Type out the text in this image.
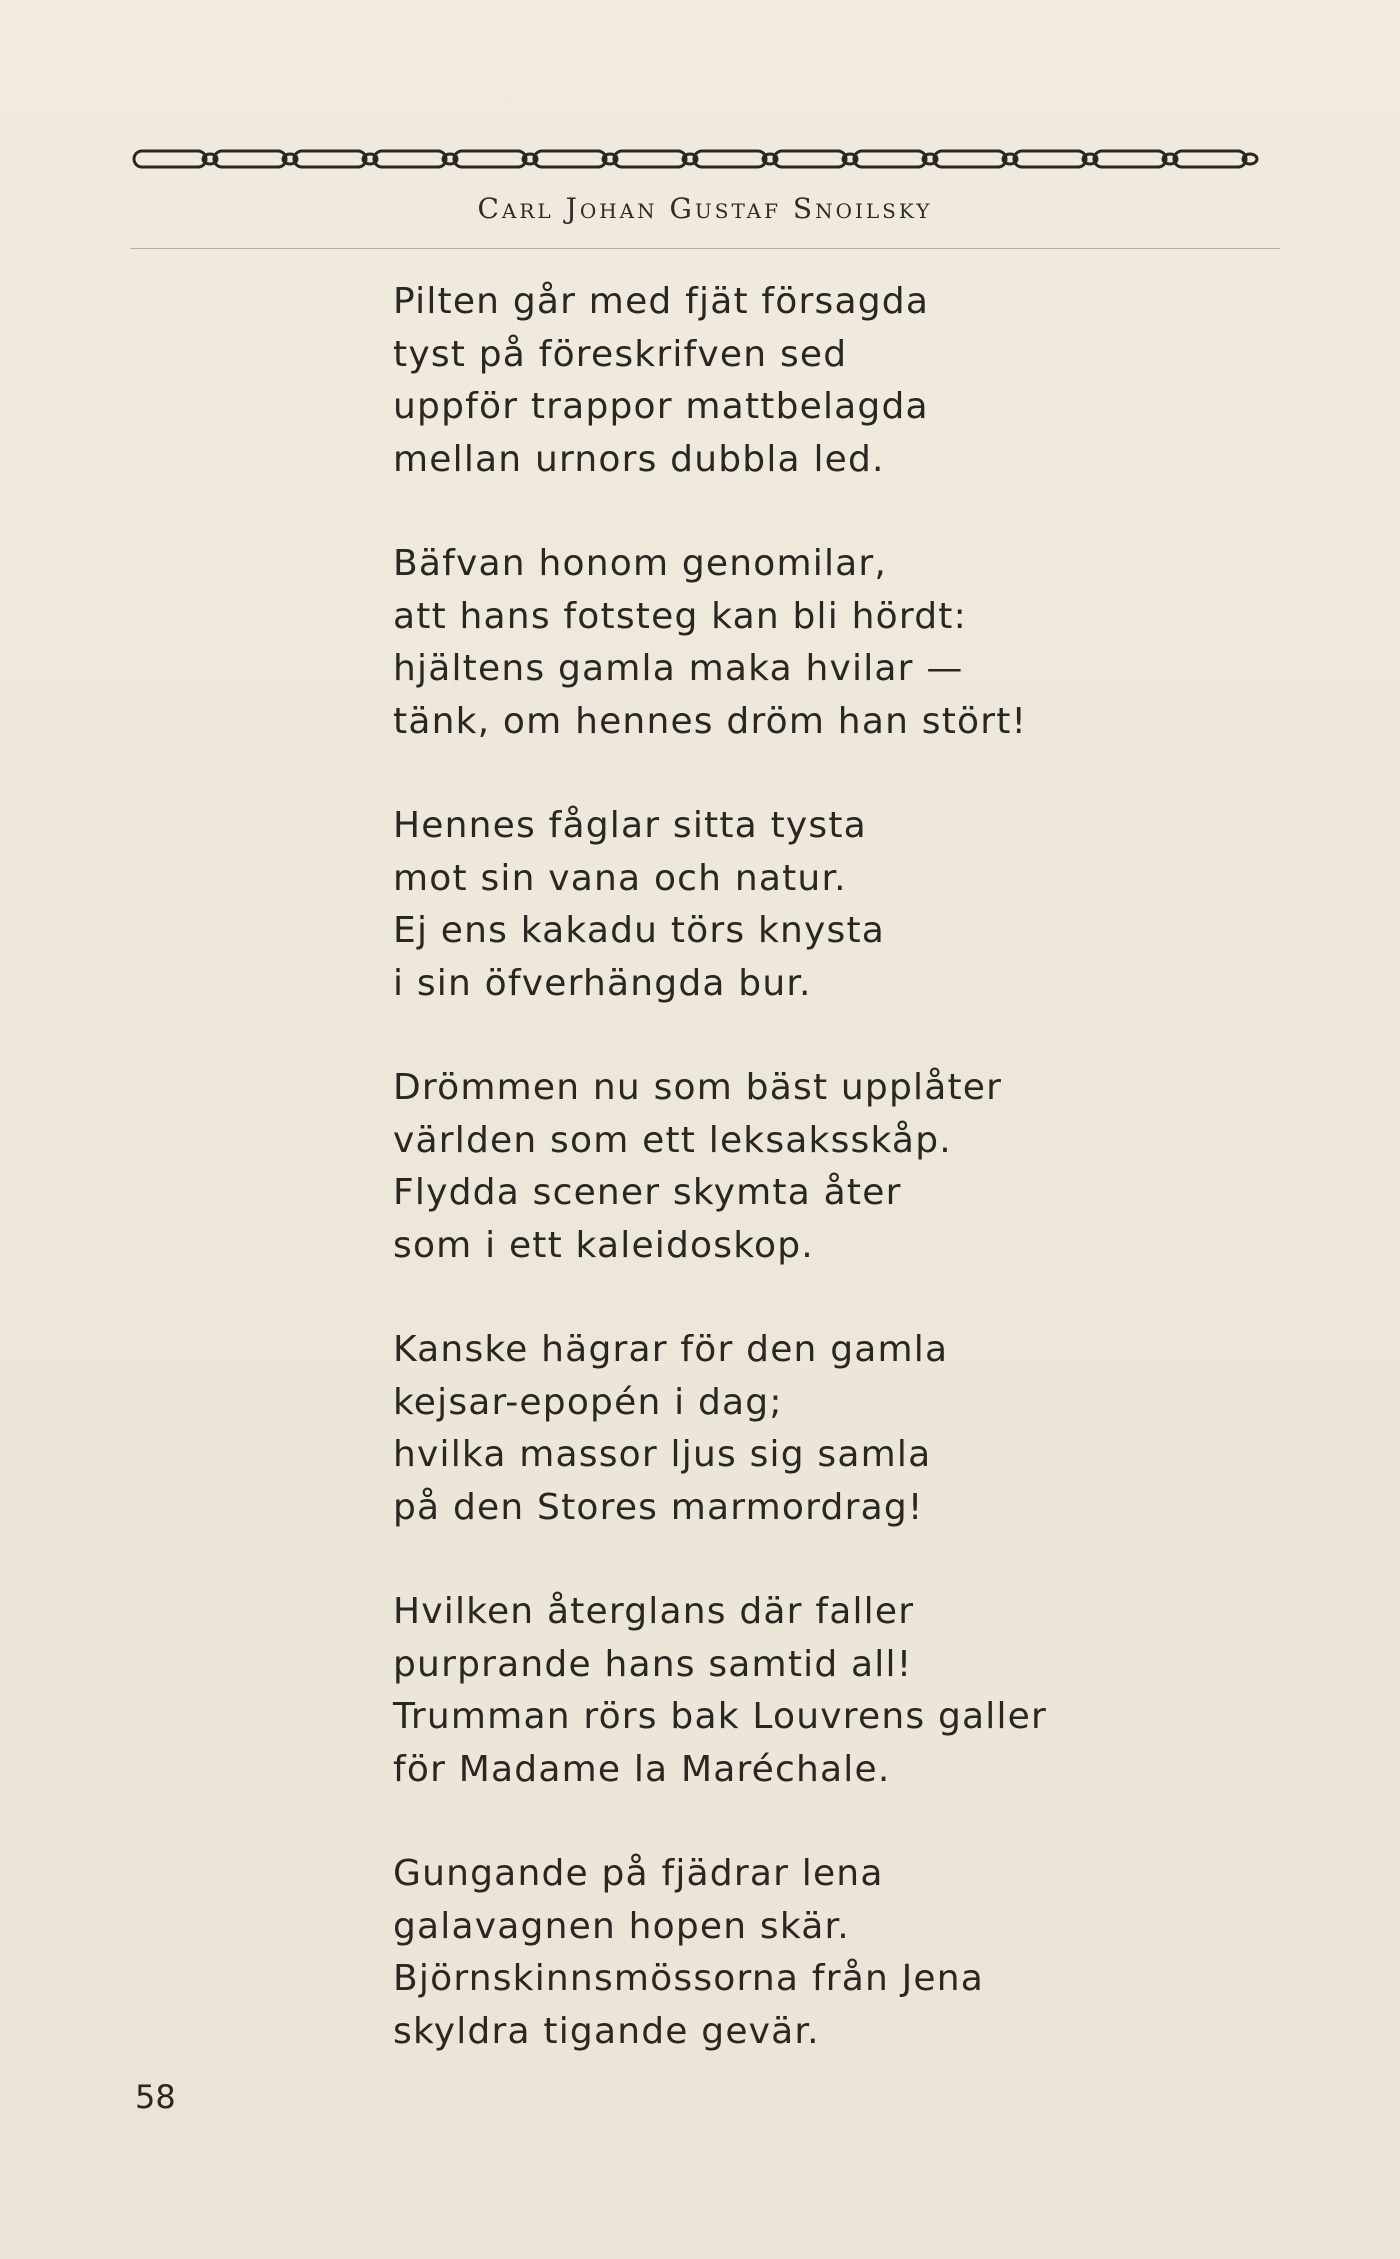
Carl Johan Gustaf Snoilsky
Pilten går med fjät försagda
tyst på föreskrifven sed
uppför trappor mattbelagda
mellan urnors dubbla led.
Bäfvan honom genomilar,
att hans fotsteg kan bli hördt:
hjältens gamla maka hvilar —
tänk, om hennes dröm han stört!
Hennes fåglar sitta tysta
mot sin vana och natur.
Ej ens kakadu törs knysta
i sin öfverhängda bur.
Drömmen nu som bäst upplåter
världen som ett leksaksskåp.
Flydda scener skymta åter
som i ett kaleidoskop.
Kanske hägrar för den gamla
kejsar-epopén i dag;
hvilka massor ljus sig samla
på den Stores marmordrag!
Hvilken återglans där faller
purprande hans samtid all!
Trumman rörs bak Louvrens galler
för Madame la Maréchale.
Gungande på fjädrar lena
galavagnen hopen skär.
Björnskinnsmössorna från Jena
skyldra tigande gevär.
58
